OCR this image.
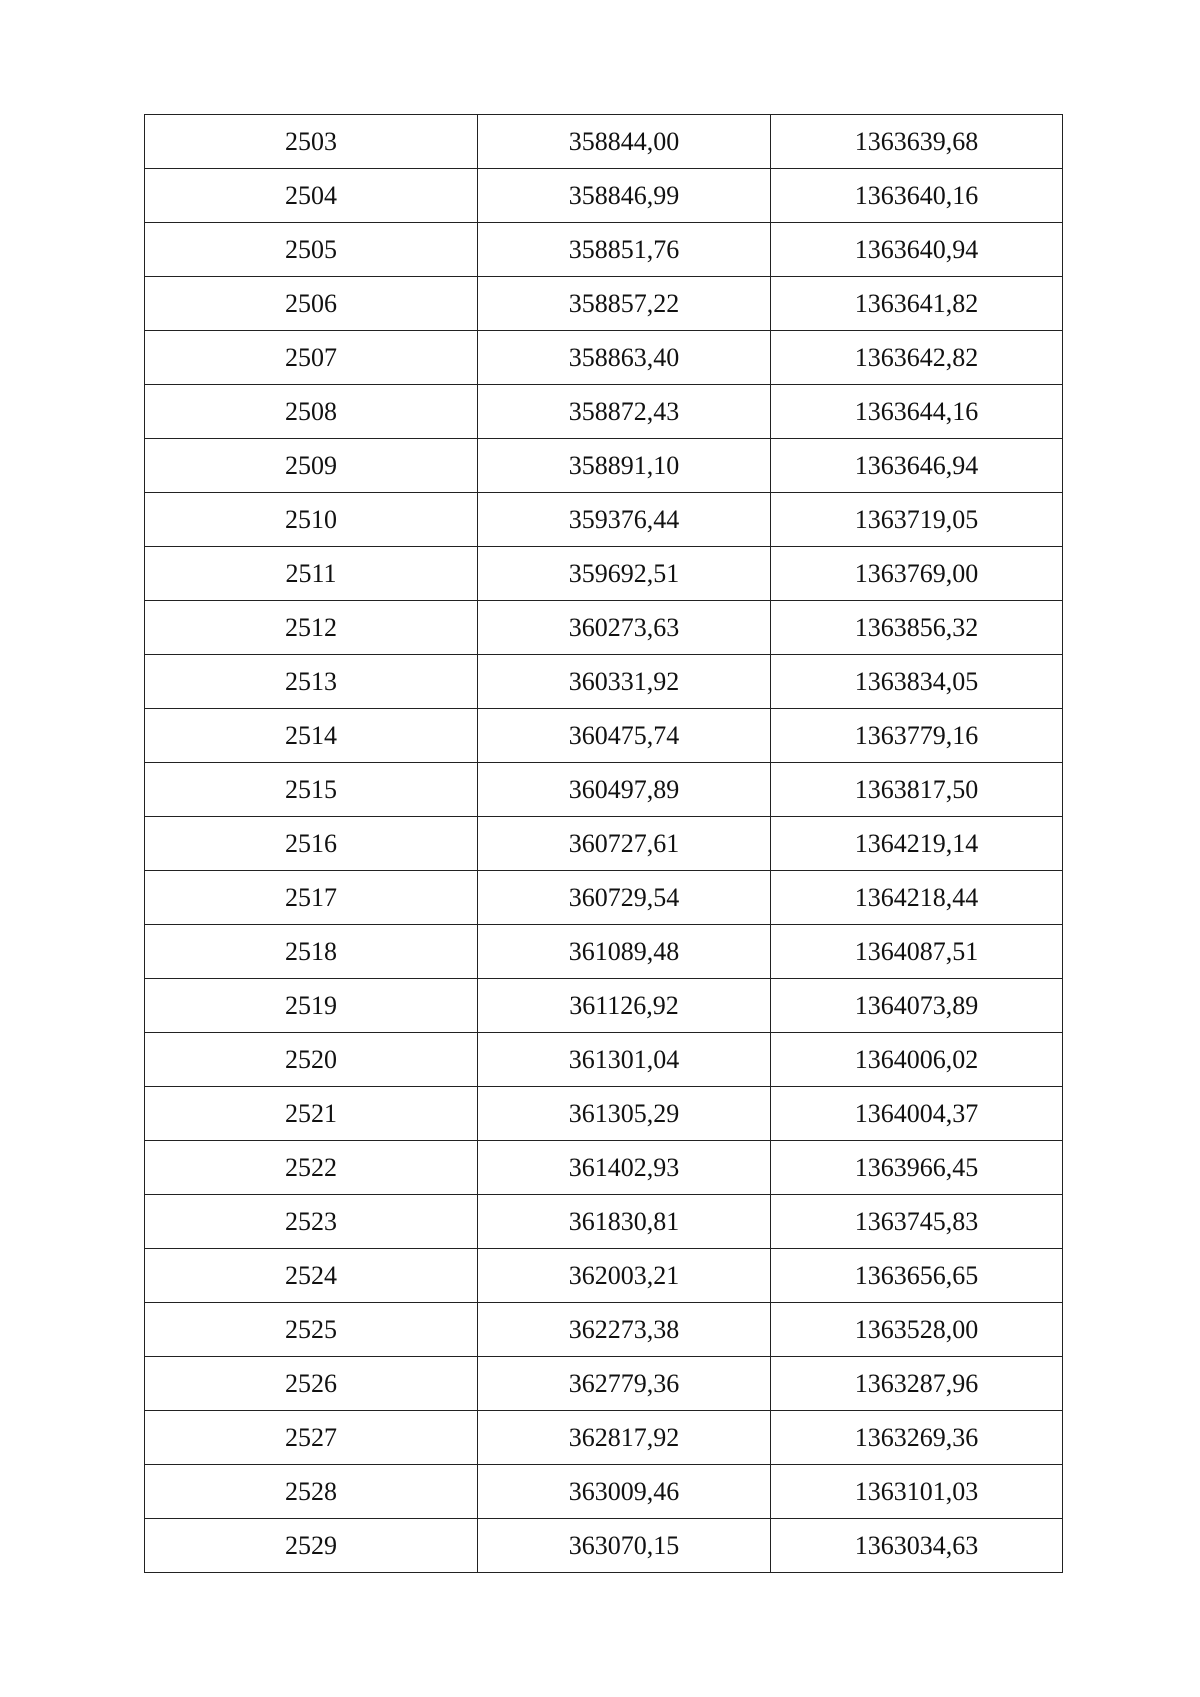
2503	358844,00	1363639,68
2504	358846,99	1363640,16
2505	358851,76	1363640,94
2506	358857,22	1363641,82
2507	358863,40	1363642,82
2508	358872,43	1363644,16
2509	358891,10	1363646,94
2510	359376,44	1363719,05
2511	359692,51	1363769,00
2512	360273,63	1363856,32
2513	360331,92	1363834,05
2514	360475,74	1363779,16
2515	360497,89	1363817,50
2516	360727,61	1364219,14
2517	360729,54	1364218,44
2518	361089,48	1364087,51
2519	361126,92	1364073,89
2520	361301,04	1364006,02
2521	361305,29	1364004,37
2522	361402,93	1363966,45
2523	361830,81	1363745,83
2524	362003,21	1363656,65
2525	362273,38	1363528,00
2526	362779,36	1363287,96
2527	362817,92	1363269,36
2528	363009,46	1363101,03
2529	363070,15	1363034,63
